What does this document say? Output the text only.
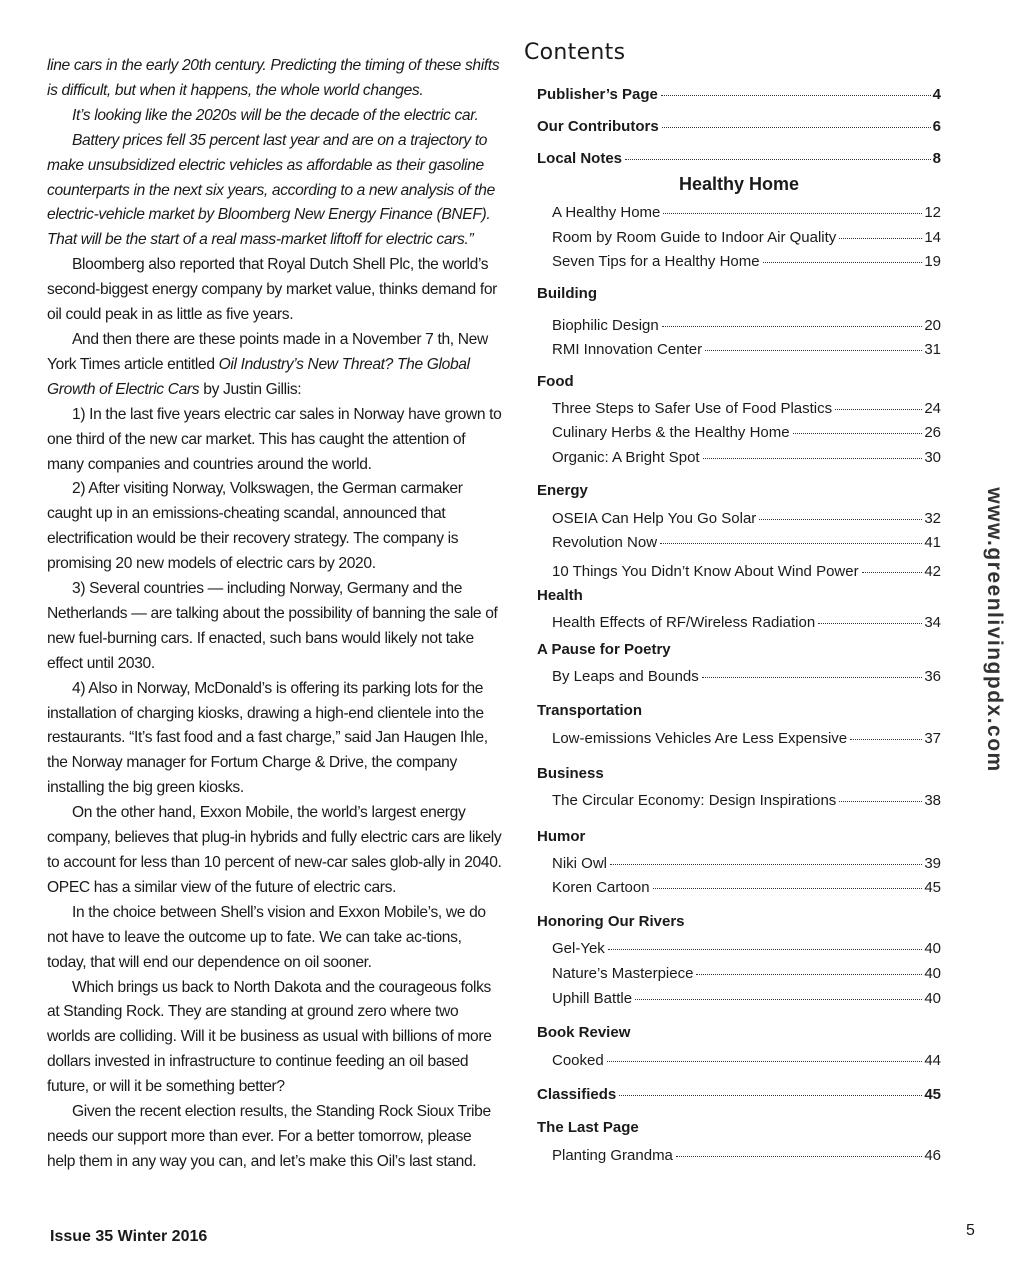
line cars in the early 20th century. Predicting the timing of these shifts is difficult, but when it happens, the whole world changes.

It’s looking like the 2020s will be the decade of the electric car.

Battery prices fell 35 percent last year and are on a trajectory to make unsubsidized electric vehicles as affordable as their gasoline counterparts in the next six years, according to a new analysis of the electric-vehicle market by Bloomberg New Energy Finance (BNEF). That will be the start of a real mass-market liftoff for electric cars.”

Bloomberg also reported that Royal Dutch Shell Plc, the world’s second-biggest energy company by market value, thinks demand for oil could peak in as little as five years.

And then there are these points made in a November 7 th, New York Times article entitled Oil Industry’s New Threat? The Global Growth of Electric Cars by Justin Gillis:

1) In the last five years electric car sales in Norway have grown to one third of the new car market. This has caught the attention of many companies and countries around the world.

2) After visiting Norway, Volkswagen, the German carmaker caught up in an emissions-cheating scandal, announced that electrification would be their recovery strategy. The company is promising 20 new models of electric cars by 2020.

3) Several countries — including Norway, Germany and the Netherlands — are talking about the possibility of banning the sale of new fuel-burning cars. If enacted, such bans would likely not take effect until 2030.

4) Also in Norway, McDonald’s is offering its parking lots for the installation of charging kiosks, drawing a high-end clientele into the restaurants. “It’s fast food and a fast charge,” said Jan Haugen Ihle, the Norway manager for Fortum Charge & Drive, the company installing the big green kiosks.

On the other hand, Exxon Mobile, the world’s largest energy company, believes that plug-in hybrids and fully electric cars are likely to account for less than 10 percent of new-car sales glob-ally in 2040. OPEC has a similar view of the future of electric cars.

In the choice between Shell’s vision and Exxon Mobile’s, we do not have to leave the outcome up to fate. We can take ac-tions, today, that will end our dependence on oil sooner.

Which brings us back to North Dakota and the courageous folks at Standing Rock. They are standing at ground zero where two worlds are colliding. Will it be business as usual with billions of more dollars invested in infrastructure to continue feeding an oil based future, or will it be something better?

Given the recent election results, the Standing Rock Sioux Tribe needs our support more than ever. For a better tomorrow, please help them in any way you can, and let’s make this Oil’s last stand.

Contents
Publisher’s Page	4
Our Contributors	6
Local Notes	8
Healthy Home
A Healthy Home	12
Room by Room Guide to Indoor Air Quality	14
Seven Tips for a Healthy Home	19
Building
Biophilic Design	20
RMI Innovation Center	31
Food
Three Steps to Safer Use of Food Plastics	24
Culinary Herbs & the Healthy Home	26
Organic: A Bright Spot	30
Energy
OSEIA Can Help You Go Solar	32
Revolution Now	41
10 Things You Didn’t Know About Wind Power	42
Health
Health Effects of RF/Wireless Radiation	34
A Pause for Poetry
By Leaps and Bounds	36
Transportation
Low-emissions Vehicles Are Less Expensive	37
Business
The Circular Economy: Design Inspirations	38
Humor
Niki Owl	39
Koren Cartoon	45
Honoring Our Rivers
Gel-Yek	40
Nature’s Masterpiece	40
Uphill Battle	40
Book Review
Cooked	44
Classifieds	45
The Last Page
Planting Grandma	46
www.greenlivingpdx.com
Issue 35 Winter 2016	5
